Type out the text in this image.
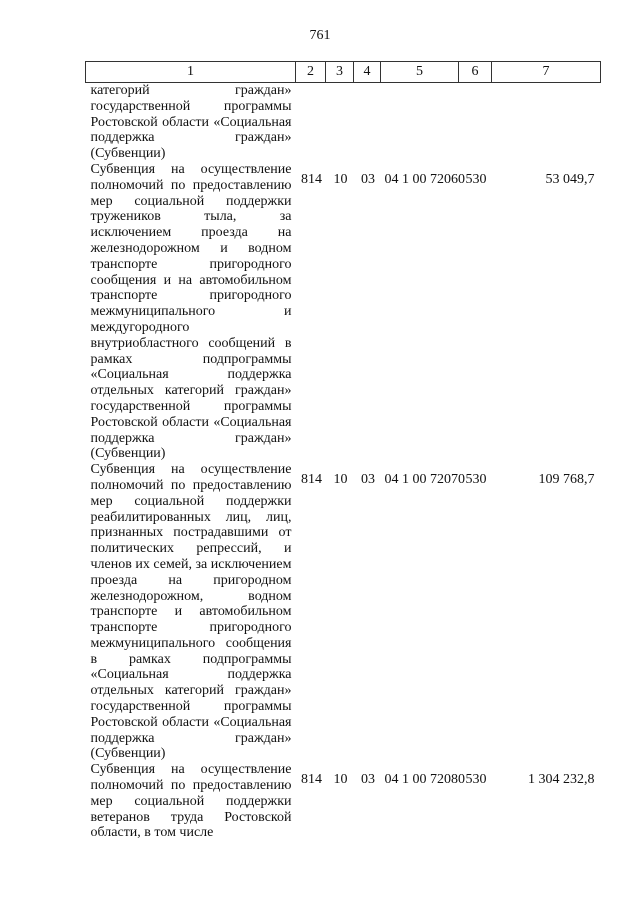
761
1	2	3	4	5	6	7
категорий граждан» государственной программы Ростовской области «Социальная поддержка граждан» (Субвенции)						
Субвенция на осуществление полномочий по предоставлению мер социальной поддержки тружеников тыла, за исключением проезда на железнодорожном и водном транспорте пригородного сообщения и на автомобильном транспорте пригородного межмуниципального и междугородного внутриобластного сообщений в рамках подпрограммы «Социальная поддержка отдельных категорий граждан» государственной программы Ростовской области «Социальная поддержка граждан» (Субвенции)	814	10	03	04 1 00 72060	530	53 049,7
Субвенция на осуществление полномочий по предоставлению мер социальной поддержки реабилитированных лиц, лиц, признанных пострадавшими от политических репрессий, и членов их семей, за исключением проезда на пригородном железнодорожном, водном транспорте и автомобильном транспорте пригородного межмуниципального сообщения в рамках подпрограммы «Социальная поддержка отдельных категорий граждан» государственной программы Ростовской области «Социальная поддержка граждан» (Субвенции)	814	10	03	04 1 00 72070	530	109 768,7
Субвенция на осуществление полномочий по предоставлению мер социальной поддержки ветеранов труда Ростовской области, в том числе	814	10	03	04 1 00 72080	530	1 304 232,8
